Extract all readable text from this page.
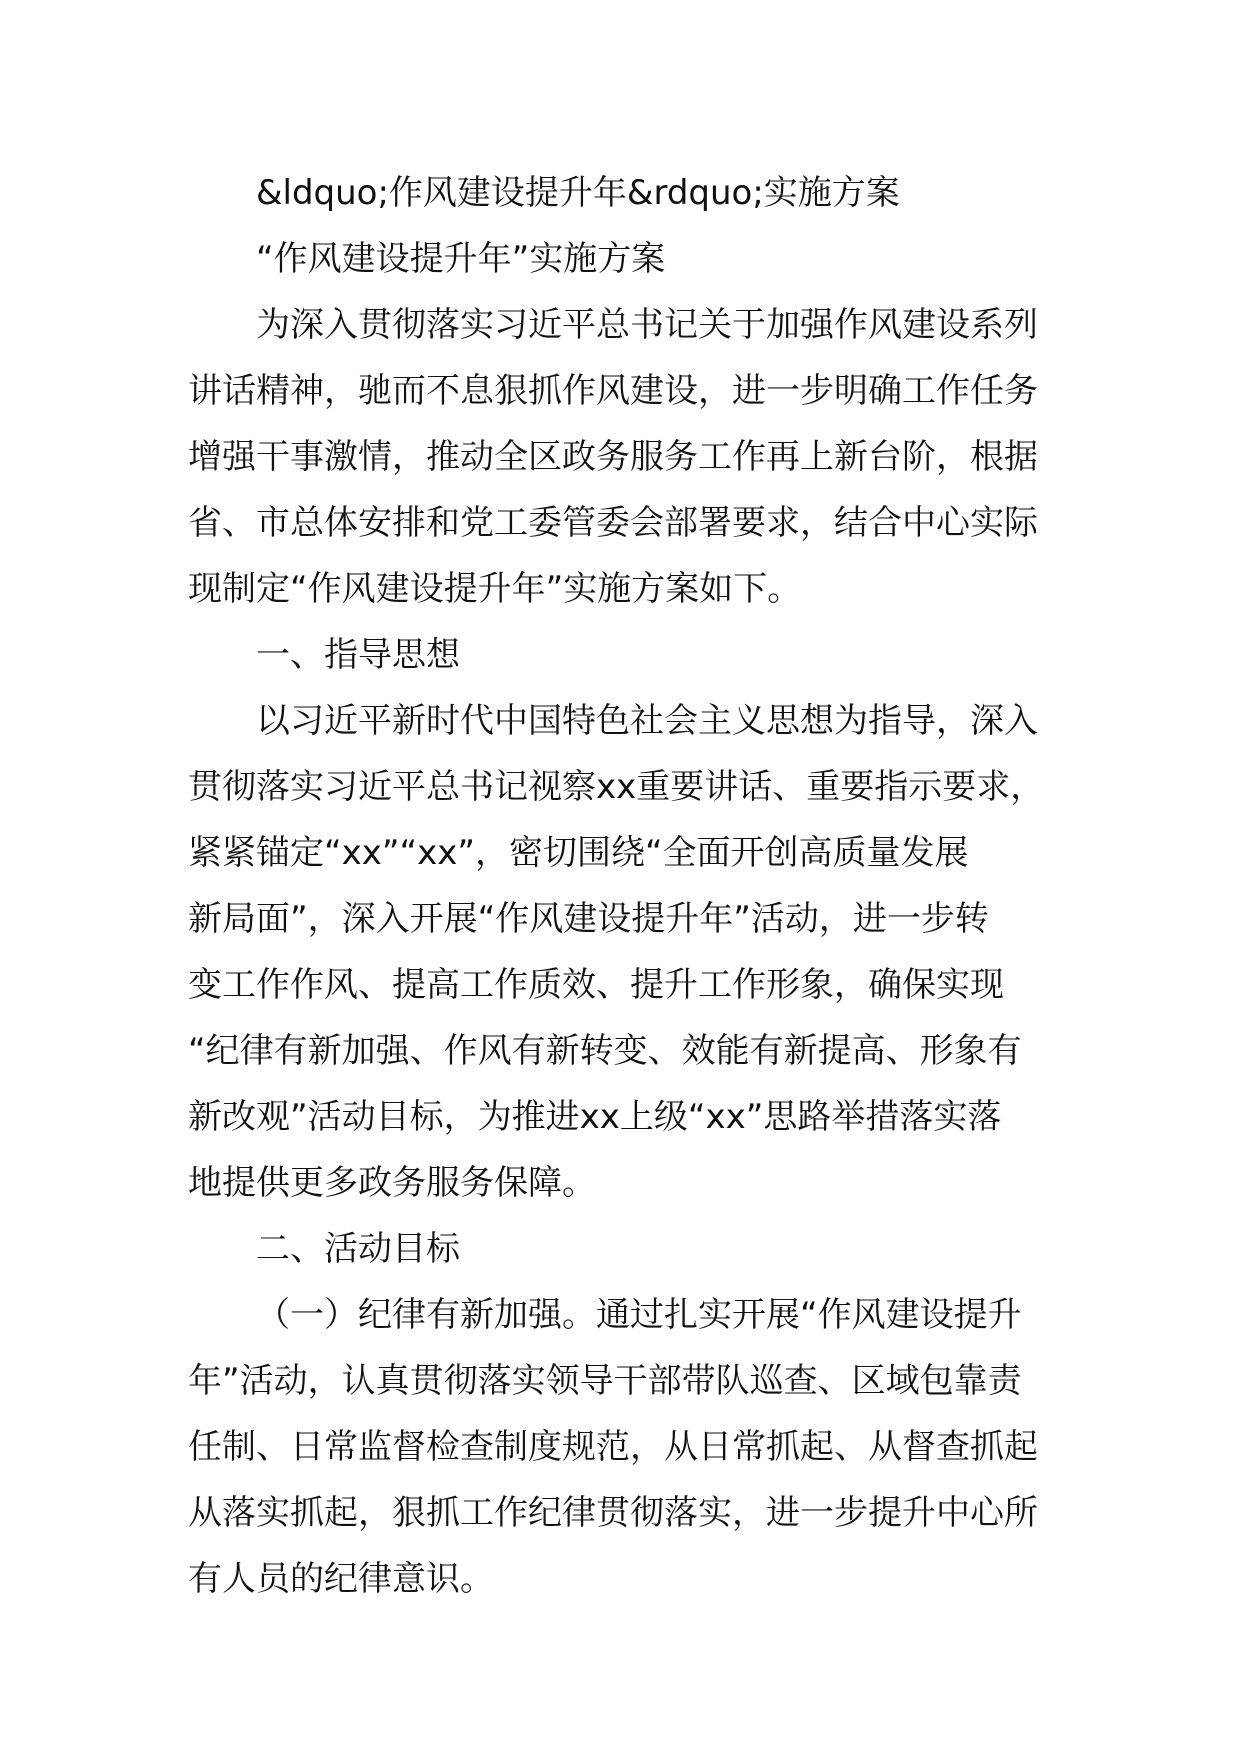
&ldquo;作风建设提升年&rdquo;实施方案
“作风建设提升年”实施方案
为深入贯彻落实习近平总书记关于加强作风建设系列
讲话精神，驰而不息狠抓作风建设，进一步明确工作任务
增强干事激情，推动全区政务服务工作再上新台阶，根据
省、市总体安排和党工委管委会部署要求，结合中心实际
现制定“作风建设提升年”实施方案如下。
一、指导思想
以习近平新时代中国特色社会主义思想为指导，深入
贯彻落实习近平总书记视察xx重要讲话、重要指示要求，
紧紧锚定“xx”“xx”，密切围绕“全面开创高质量发展
新局面”，深入开展“作风建设提升年”活动，进一步转
变工作作风、提高工作质效、提升工作形象，确保实现
“纪律有新加强、作风有新转变、效能有新提高、形象有
新改观”活动目标，为推进xx上级“xx”思路举措落实落
地提供更多政务服务保障。
二、活动目标
（一）纪律有新加强。通过扎实开展“作风建设提升
年”活动，认真贯彻落实领导干部带队巡查、区域包靠责
任制、日常监督检查制度规范，从日常抓起、从督查抓起
从落实抓起，狠抓工作纪律贯彻落实，进一步提升中心所
有人员的纪律意识。
